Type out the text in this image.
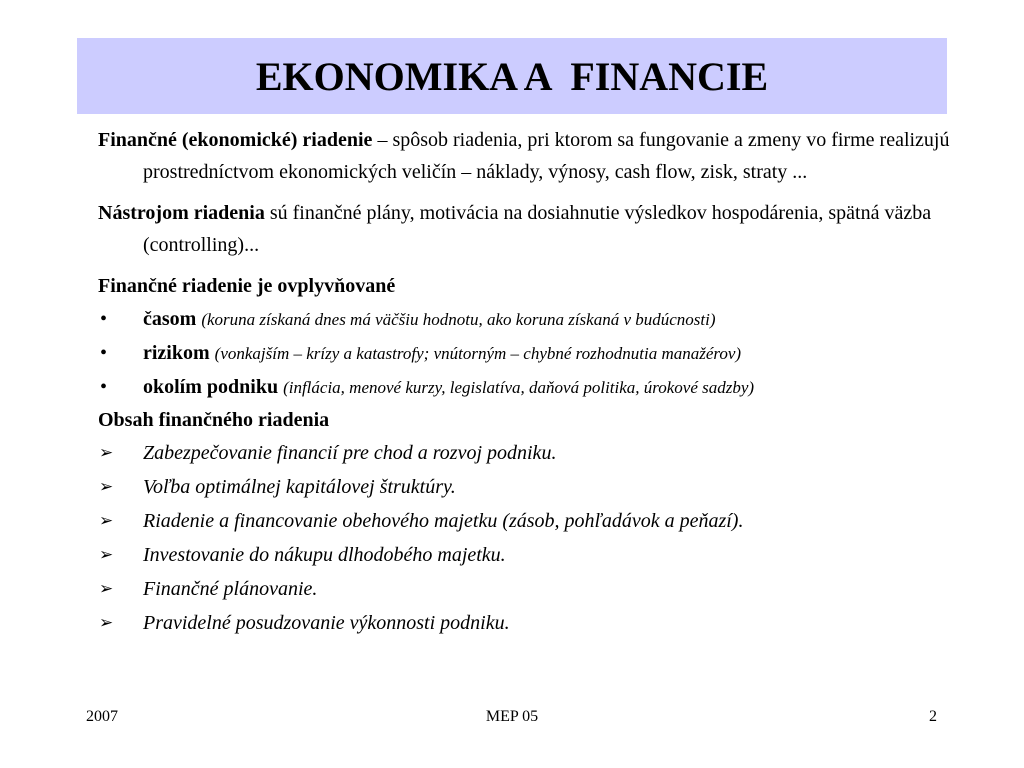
EKONOMIKA A  FINANCIE

Finančné (ekonomické) riadenie – spôsob riadenia, pri ktorom sa fungovanie a zmeny vo firme realizujú prostredníctvom ekonomických veličín – náklady, výnosy, cash flow, zisk, straty ...

Nástrojom riadenia sú finančné plány, motivácia na dosiahnutie výsledkov hospodárenia, spätná väzba (controlling)...

Finančné riadenie je ovplyvňované

•	časom (koruna získaná dnes má väčšiu hodnotu, ako koruna získaná v budúcnosti)
•	rizikom (vonkajším – krízy a katastrofy; vnútorným – chybné rozhodnutia manažérov)
•	okolím podniku (inflácia, menové kurzy, legislatíva, daňová politika, úrokové sadzby)

Obsah finančného riadenia

➢ Zabezpečovanie financií pre chod a rozvoj podniku.
➢ Voľba optimálnej kapitálovej štruktúry.
➢ Riadenie a financovanie obehového majetku (zásob, pohľadávok a peňazí).
➢ Investovanie do nákupu dlhodobého majetku.
➢ Finančné plánovanie.
➢ Pravidelné posudzovanie výkonnosti podniku.
2007	MEP 05	2
